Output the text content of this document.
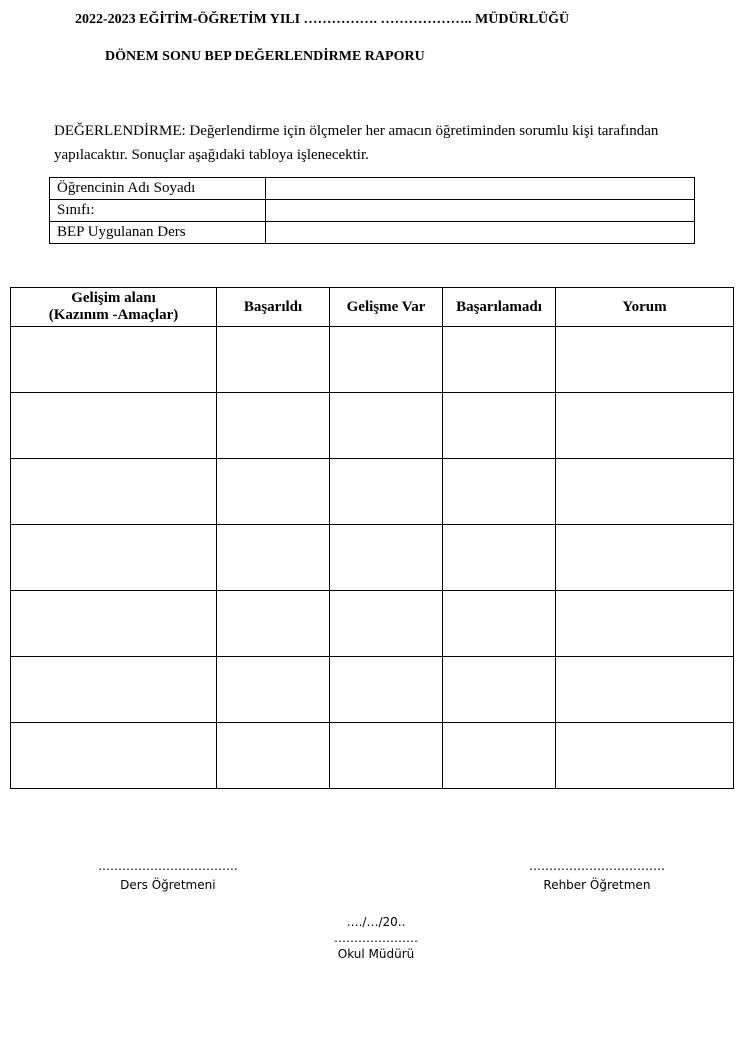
2022-2023 EĞİTİM-ÖĞRETİM YILI ……………. ……………….. MÜDÜRLÜĞÜ
DÖNEM SONU BEP DEĞERLENDİRME RAPORU
DEĞERLENDİRME: Değerlendirme için ölçmeler her amacın öğretiminden sorumlu kişi tarafından yapılacaktır. Sonuçlar aşağıdaki tabloya işlenecektir.
Öğrencinin Adı Soyadı	
Sınıfı:	
BEP Uygulanan Ders	
Gelişim alanı
(Kazınım -Amaçlar)	Başarıldı	Gelişme Var	Başarılamadı	Yorum

……………………………..
Ders Öğretmeni
…………………………….
Rehber Öğretmen
…./…/20..
…………………
Okul Müdürü
